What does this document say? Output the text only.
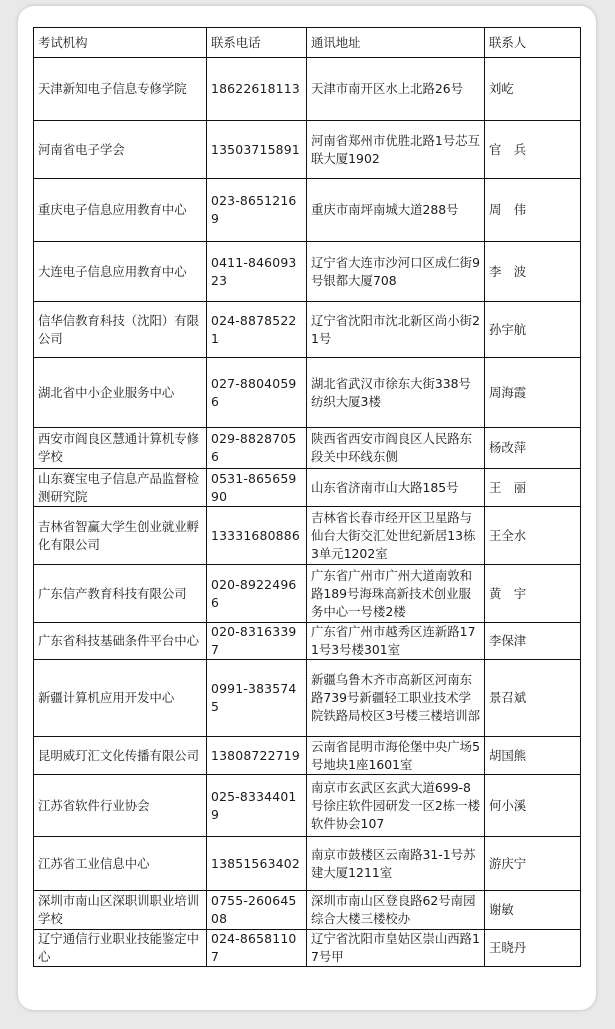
考试机构	联系电话	通讯地址	联系人
天津新知电子信息专修学院	18622618113	天津市南开区水上北路26号	刘屹
河南省电子学会	13503715891	河南省郑州市优胜北路1号芯互联大厦1902	官　兵
重庆电子信息应用教育中心	023-86512169	重庆市南坪南城大道288号	周　伟
大连电子信息应用教育中心	0411-84609323	辽宁省大连市沙河口区成仁街9号银都大厦708	李　波
信华信教育科技（沈阳）有限公司	024-88785221	辽宁省沈阳市沈北新区尚小街21号	孙宇航
湖北省中小企业服务中心	027-88040596	湖北省武汉市徐东大街338号纺织大厦3楼	周海霞
西安市阎良区慧通计算机专修学校	029-88287056	陕西省西安市阎良区人民路东段关中环线东侧	杨改萍
山东赛宝电子信息产品监督检测研究院	0531-86565990	山东省济南市山大路185号	王　丽
吉林省智赢大学生创业就业孵化有限公司	13331680886	吉林省长春市经开区卫星路与仙台大街交汇处世纪新居13栋3单元1202室	王全水
广东信产教育科技有限公司	020-89224966	广东省广州市广州大道南敦和路189号海珠高新技术创业服务中心一号楼2楼	黄　宇
广东省科技基础条件平台中心	020-83163397	广东省广州市越秀区连新路171号3号楼301室	李保津
新疆计算机应用开发中心	0991-3835745	新疆乌鲁木齐市高新区河南东路739号新疆轻工职业技术学院铁路局校区3号楼三楼培训部	景召斌
昆明威玎汇文化传播有限公司	13808722719	云南省昆明市海伦堡中央广场5号地块1座1601室	胡国熊
江苏省软件行业协会	025-83344019	南京市玄武区玄武大道699-8号徐庄软件园研发一区2栋一楼软件协会107	何小溪
江苏省工业信息中心	13851563402	南京市鼓楼区云南路31-1号苏建大厦1211室	游庆宁
深圳市南山区深职训职业培训学校	0755-26064508	深圳市南山区登良路62号南园综合大楼三楼校办	谢敏
辽宁通信行业职业技能鉴定中心	024-86581107	辽宁省沈阳市皇姑区崇山西路17号甲	王晓丹
